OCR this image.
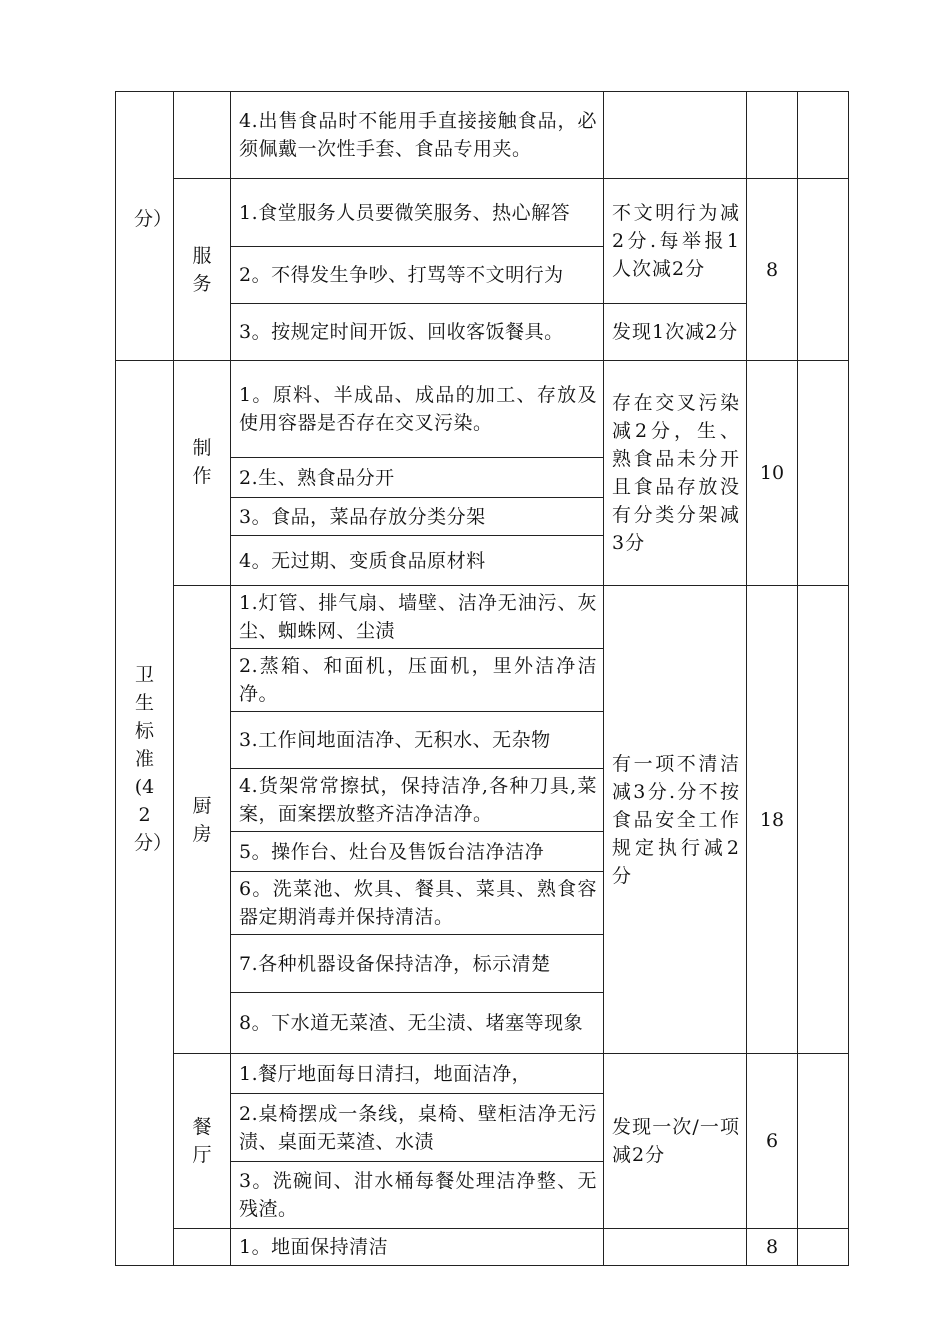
分）		4.出售食品时不能用手直接接触食品，必须佩戴一次性手套、食品专用夹。			

	服务	1.食堂服务人员要微笑服务、热心解答	不文明行为减2分.每举报1人次减2分	8	
		2。不得发生争吵、打骂等不文明行为			
		3。按规定时间开饭、回收客饭餐具。	发现1次减2分		

卫生标准(42分）	制作	1。原料、半成品、成品的加工、存放及使用容器是否存在交叉污染。	存在交叉污染减2分，生、熟食品未分开且食品存放没有分类分架减3分	10	
		2.生、熟食品分开			
		3。食品，菜品存放分类分架			
		4。无过期、变质食品原材料			

	厨房	1.灯管、排气扇、墙壁、洁净无油污、灰尘、蜘蛛网、尘渍	有一项不清洁减3分.分不按食品安全工作规定执行减2分	18	
		2.蒸箱、和面机，压面机，里外洁净洁净。			
		3.工作间地面洁净、无积水、无杂物			
		4.货架常常擦拭，保持洁净,各种刀具,菜案，面案摆放整齐洁净洁净。			
		5。操作台、灶台及售饭台洁净洁净			
		6。洗菜池、炊具、餐具、菜具、熟食容器定期消毒并保持清洁。			
		7.各种机器设备保持洁净，标示清楚			
		8。下水道无菜渣、无尘渍、堵塞等现象			

	餐厅	1.餐厅地面每日清扫，地面洁净，	发现一次/一项减2分	6	
		2.桌椅摆成一条线，桌椅、壁柜洁净无污渍、桌面无菜渣、水渍			
		3。洗碗间、泔水桶每餐处理洁净整、无残渣。			
		1。地面保持清洁		8	
